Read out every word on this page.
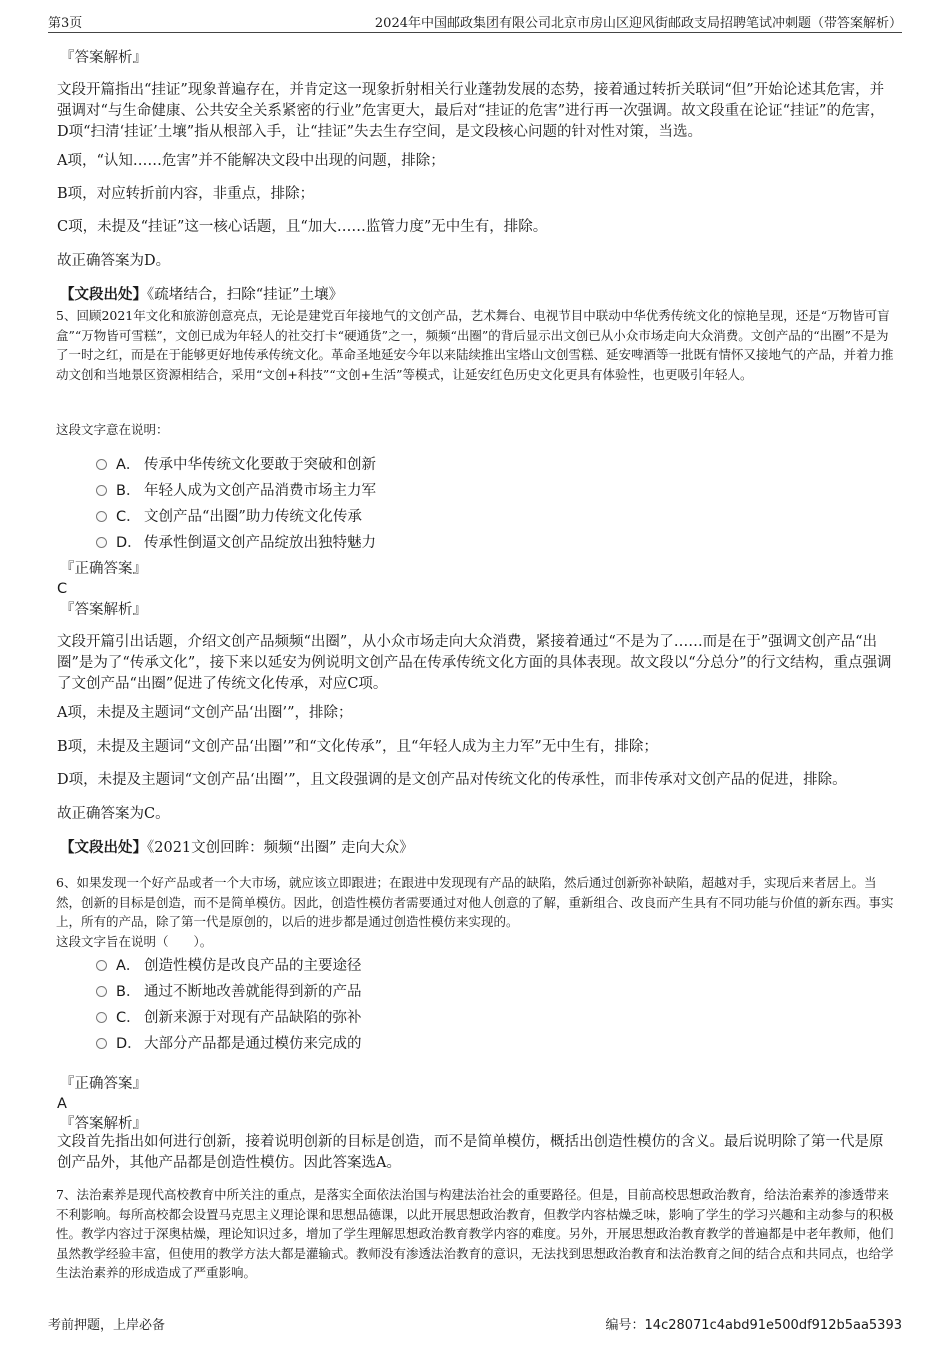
第3页	2024年中国邮政集团有限公司北京市房山区迎风街邮政支局招聘笔试冲刺题（带答案解析）

『答案解析』

文段开篇指出“挂证”现象普遍存在，并肯定这一现象折射相关行业蓬勃发展的态势，接着通过转折关联词“但”开始论述其危害，并强调对“与生命健康、公共安全关系紧密的行业”危害更大，最后对“挂证的危害”进行再一次强调。故文段重在论证“挂证”的危害，D项“扫清‘挂证’土壤”指从根部入手，让“挂证”失去生存空间，是文段核心问题的针对性对策，当选。

A项，“认知……危害”并不能解决文段中出现的问题，排除；

B项，对应转折前内容，非重点，排除；

C项，未提及“挂证”这一核心话题，且“加大……监管力度”无中生有，排除。

故正确答案为D。

【文段出处】《疏堵结合，扫除“挂证”土壤》

5、回顾2021年文化和旅游创意亮点，无论是建党百年接地气的文创产品，艺术舞台、电视节目中联动中华优秀传统文化的惊艳呈现，还是“万物皆可盲盒”“万物皆可雪糕”，文创已成为年轻人的社交打卡“硬通货”之一，频频“出圈”的背后显示出文创已从小众市场走向大众消费。文创产品的“出圈”不是为了一时之红，而是在于能够更好地传承传统文化。革命圣地延安今年以来陆续推出宝塔山文创雪糕、延安啤酒等一批既有情怀又接地气的产品，并着力推动文创和当地景区资源相结合，采用“文创+科技”“文创+生活”等模式，让延安红色历史文化更具有体验性，也更吸引年轻人。

这段文字意在说明：

A． 传承中华传统文化要敢于突破和创新
B． 年轻人成为文创产品消费市场主力军
C． 文创产品“出圈”助力传统文化传承
D． 传承性倒逼文创产品绽放出独特魅力

『正确答案』

C

『答案解析』

文段开篇引出话题，介绍文创产品频频“出圈”，从小众市场走向大众消费，紧接着通过“不是为了……而是在于”强调文创产品“出圈”是为了“传承文化”，接下来以延安为例说明文创产品在传承传统文化方面的具体表现。故文段以“分总分”的行文结构，重点强调了文创产品“出圈”促进了传统文化传承，对应C项。

A项，未提及主题词“文创产品‘出圈’”，排除；

B项，未提及主题词“文创产品‘出圈’”和“文化传承”，且“年轻人成为主力军”无中生有，排除；

D项，未提及主题词“文创产品‘出圈’”，且文段强调的是文创产品对传统文化的传承性，而非传承对文创产品的促进，排除。

故正确答案为C。

【文段出处】《2021文创回眸：频频“出圈” 走向大众》

6、如果发现一个好产品或者一个大市场，就应该立即跟进；在跟进中发现现有产品的缺陷，然后通过创新弥补缺陷，超越对手，实现后来者居上。当然，创新的目标是创造，而不是简单模仿。因此，创造性模仿者需要通过对他人创意的了解，重新组合、改良而产生具有不同功能与价值的新东西。事实上，所有的产品，除了第一代是原创的，以后的进步都是通过创造性模仿来实现的。

这段文字旨在说明（　　）。

A． 创造性模仿是改良产品的主要途径
B． 通过不断地改善就能得到新的产品
C． 创新来源于对现有产品缺陷的弥补
D． 大部分产品都是通过模仿来完成的

『正确答案』

A

『答案解析』

文段首先指出如何进行创新，接着说明创新的目标是创造，而不是简单模仿，概括出创造性模仿的含义。最后说明除了第一代是原创产品外，其他产品都是创造性模仿。因此答案选A。

7、法治素养是现代高校教育中所关注的重点，是落实全面依法治国与构建法治社会的重要路径。但是，目前高校思想政治教育，给法治素养的渗透带来不利影响。每所高校都会设置马克思主义理论课和思想品德课，以此开展思想政治教育，但教学内容枯燥乏味，影响了学生的学习兴趣和主动参与的积极性。教学内容过于深奥枯燥，理论知识过多，增加了学生理解思想政治教育教学内容的难度。另外，开展思想政治教育教学的普遍都是中老年教师，他们虽然教学经验丰富，但使用的教学方法大都是灌输式。教师没有渗透法治教育的意识，无法找到思想政治教育和法治教育之间的结合点和共同点，也给学生法治素养的形成造成了严重影响。

考前押题，上岸必备	编号：14c28071c4abd91e500df912b5aa5393
